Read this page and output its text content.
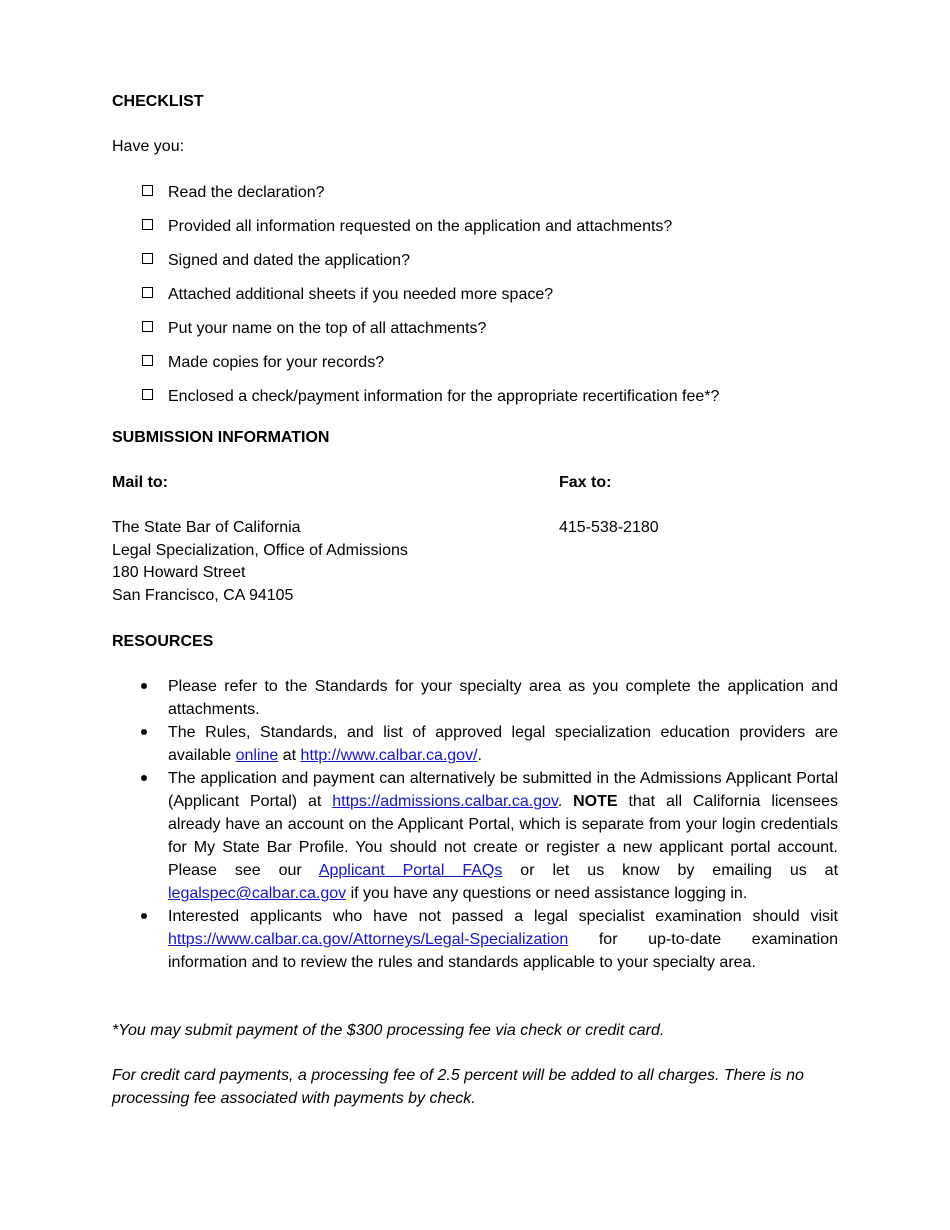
CHECKLIST

Have you:

Read the declaration?
Provided all information requested on the application and attachments?
Signed and dated the application?
Attached additional sheets if you needed more space?
Put your name on the top of all attachments?
Made copies for your records?
Enclosed a check/payment information for the appropriate recertification fee*?

SUBMISSION INFORMATION

Mail to:

The State Bar of California
Legal Specialization, Office of Admissions
180 Howard Street
San Francisco, CA 94105

Fax to:

415-538-2180

RESOURCES

Please refer to the Standards for your specialty area as you complete the application and attachments.
The Rules, Standards, and list of approved legal specialization education providers are available online at http://www.calbar.ca.gov/.
The application and payment can alternatively be submitted in the Admissions Applicant Portal (Applicant Portal) at https://admissions.calbar.ca.gov. NOTE that all California licensees already have an account on the Applicant Portal, which is separate from your login credentials for My State Bar Profile. You should not create or register a new applicant portal account. Please see our Applicant Portal FAQs or let us know by emailing us at legalspec@calbar.ca.gov if you have any questions or need assistance logging in.
Interested applicants who have not passed a legal specialist examination should visit https://www.calbar.ca.gov/Attorneys/Legal-Specialization for up-to-date examination information and to review the rules and standards applicable to your specialty area.

*You may submit payment of the $300 processing fee via check or credit card.

For credit card payments, a processing fee of 2.5 percent will be added to all charges. There is no processing fee associated with payments by check.
